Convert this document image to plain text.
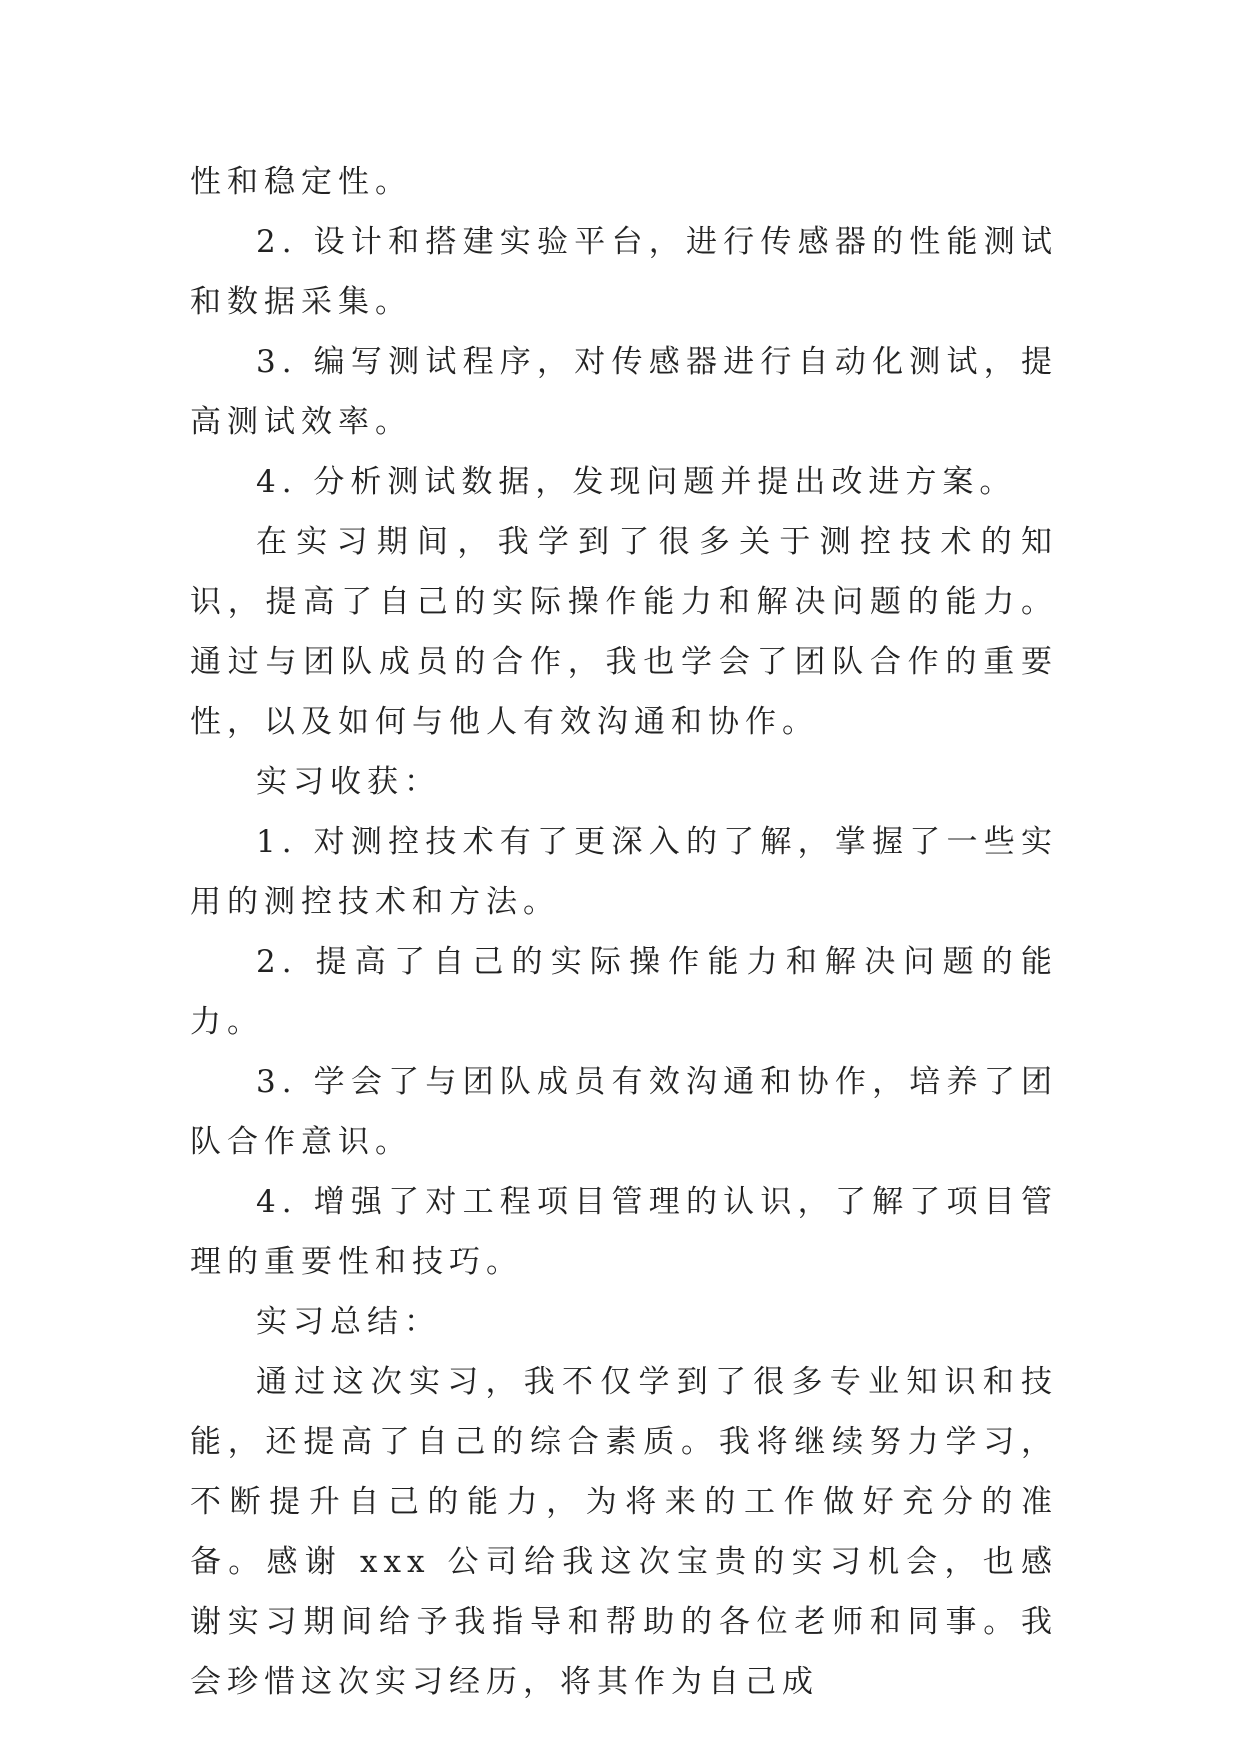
性和稳定性。

2. 设计和搭建实验平台，进行传感器的性能测试和数据采集。

3. 编写测试程序，对传感器进行自动化测试，提高测试效率。

4. 分析测试数据，发现问题并提出改进方案。

在实习期间，我学到了很多关于测控技术的知识，提高了自己的实际操作能力和解决问题的能力。通过与团队成员的合作，我也学会了团队合作的重要性，以及如何与他人有效沟通和协作。

实习收获：

1. 对测控技术有了更深入的了解，掌握了一些实用的测控技术和方法。

2. 提高了自己的实际操作能力和解决问题的能力。

3. 学会了与团队成员有效沟通和协作，培养了团队合作意识。

4. 增强了对工程项目管理的认识，了解了项目管理的重要性和技巧。

实习总结：

通过这次实习，我不仅学到了很多专业知识和技能，还提高了自己的综合素质。我将继续努力学习，不断提升自己的能力，为将来的工作做好充分的准备。感谢 xxx 公司给我这次宝贵的实习机会，也感谢实习期间给予我指导和帮助的各位老师和同事。我会珍惜这次实习经历，将其作为自己成
